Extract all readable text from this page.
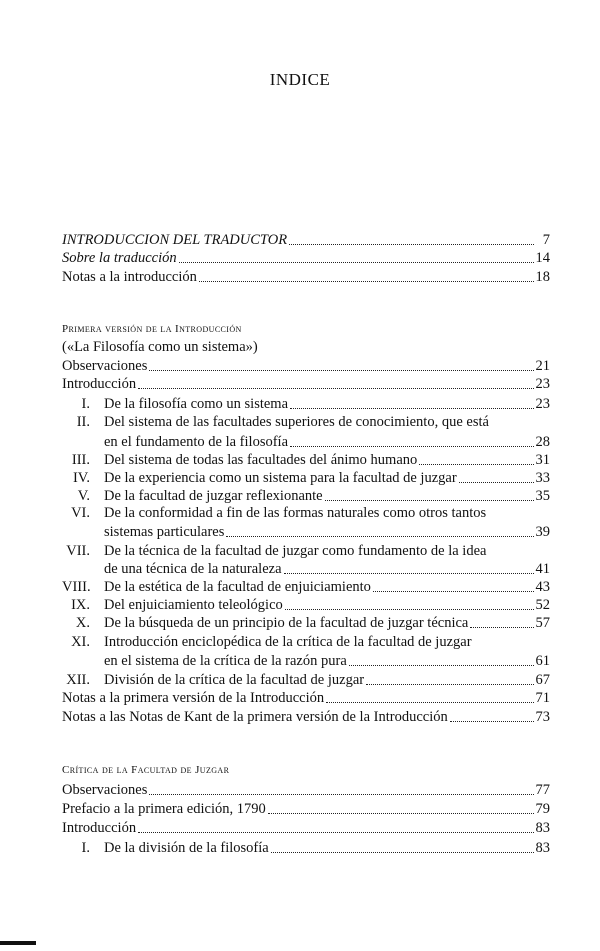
INDICE
INTRODUCCION DEL TRADUCTOR	7
Sobre la traducción	14
Notas a la introducción	18
Primera versión de la Introducción
(«La Filosofía como un sistema»)
Observaciones	21
Introducción	23
I. De la filosofía como un sistema	23
II. Del sistema de las facultades superiores de conocimiento, que está
en el fundamento de la filosofía	28
III. Del sistema de todas las facultades del ánimo humano	31
IV. De la experiencia como un sistema para la facultad de juzgar	33
V. De la facultad de juzgar reflexionante	35
VI. De la conformidad a fin de las formas naturales como otros tantos
sistemas particulares	39
VII. De la técnica de la facultad de juzgar como fundamento de la idea
de una técnica de la naturaleza	41
VIII. De la estética de la facultad de enjuiciamiento	43
IX. Del enjuiciamiento teleológico	52
X. De la búsqueda de un principio de la facultad de juzgar técnica	57
XI. Introducción enciclopédica de la crítica de la facultad de juzgar
en el sistema de la crítica de la razón pura	61
XII. División de la crítica de la facultad de juzgar	67
Notas a la primera versión de la Introducción	71
Notas a las Notas de Kant de la primera versión de la Introducción	73
Crítica de la Facultad de Juzgar
Observaciones	77
Prefacio a la primera edición, 1790	79
Introducción	83
I. De la división de la filosofía	83
